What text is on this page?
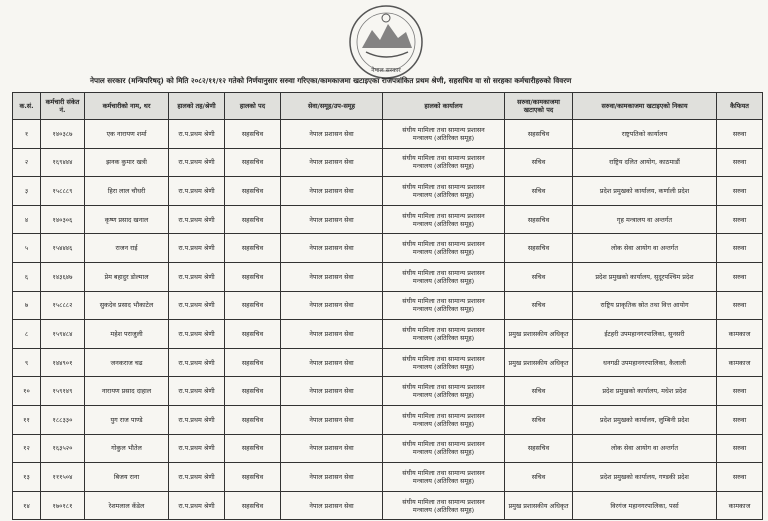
नेपाल सरकार
नेपाल सरकार (मन्त्रिपरिषद्) को मिति २०८२/११/१२ गतेको निर्णयानुसार सरुवा गरिएका/कामकाजमा खटाइएका राजपत्रांकित प्रथम श्रेणी, सहसचिव वा सो सरहका कर्मचारीहरुको विवरण
क.सं.	कर्मचारी संकेत नं.	कर्मचारीको नाम, थर	हालको तह/श्रेणी	हालको पद	सेवा/समूह/उप-समूह	हालको कार्यालय	सरुवा/कामकाजमा खटाएको पद	सरुवा/कामकाजमा खटाइएको निकाय	कैफियत
१	१४०३८७	एक नारायण शर्मा	रा.प.प्रथम श्रेणी	सहसचिव	नेपाल प्रशासन सेवा	संघीय मामिला तथा सामान्य प्रशासन
मन्त्रालय (अतिरिक्त समूह)	सहसचिव	राष्ट्रपतिको कार्यालय	सरुवा
२	१६९४४४	झनक कुमार खत्री	रा.प.प्रथम श्रेणी	सहसचिव	नेपाल प्रशासन सेवा	संघीय मामिला तथा सामान्य प्रशासन
मन्त्रालय (अतिरिक्त समूह)	सचिव	राष्ट्रिय दलित आयोग, काठमाडौं	सरुवा
३	१५८८८९	हिरा लाल चौधरी	रा.प.प्रथम श्रेणी	सहसचिव	नेपाल प्रशासन सेवा	संघीय मामिला तथा सामान्य प्रशासन
मन्त्रालय (अतिरिक्त समूह)	सचिव	प्रदेश प्रमुखको कार्यालय, कर्णाली प्रदेश	सरुवा
४	१४०३०६	कृष्ण प्रसाद खनाल	रा.प.प्रथम श्रेणी	सहसचिव	नेपाल प्रशासन सेवा	संघीय मामिला तथा सामान्य प्रशासन
मन्त्रालय (अतिरिक्त समूह)	सहसचिव	गृह मन्त्रालय वा अन्तर्गत	सरुवा
५	१५४४४६	राजन राई	रा.प.प्रथम श्रेणी	सहसचिव	नेपाल प्रशासन सेवा	संघीय मामिला तथा सामान्य प्रशासन
मन्त्रालय (अतिरिक्त समूह)	सहसचिव	लोक सेवा आयोग वा अन्तर्गत	सरुवा
६	१४३६४७	प्रेम बहादुर डोल्माल	रा.प.प्रथम श्रेणी	सहसचिव	नेपाल प्रशासन सेवा	संघीय मामिला तथा सामान्य प्रशासन
मन्त्रालय (अतिरिक्त समूह)	सचिव	प्रदेश प्रमुखको कार्यालय, सुदूरपश्चिम प्रदेश	सरुवा
७	१५८८८२	सुकदेव प्रसाद भौकाटेल	रा.प.प्रथम श्रेणी	सहसचिव	नेपाल प्रशासन सेवा	संघीय मामिला तथा सामान्य प्रशासन
मन्त्रालय (अतिरिक्त समूह)	सचिव	राष्ट्रिय प्राकृतिक स्रोत तथा वित्त आयोग	सरुवा
८	१५९४८४	महेश पराजुली	रा.प.प्रथम श्रेणी	सहसचिव	नेपाल प्रशासन सेवा	संघीय मामिला तथा सामान्य प्रशासन
मन्त्रालय (अतिरिक्त समूह)	प्रमुख प्रशासकीय अधिकृत	ईटहरी उपमहानगरपालिका, सुनसरी	कामकाज
९	१४४९०१	जनकराज चढ	रा.प.प्रथम श्रेणी	सहसचिव	नेपाल प्रशासन सेवा	संघीय मामिला तथा सामान्य प्रशासन
मन्त्रालय (अतिरिक्त समूह)	प्रमुख प्रशासकीय अधिकृत	धनगढी उपमहानगरपालिका, कैलाली	कामकाज
१०	१५९१४९	नारायण प्रसाद दाहाल	रा.प.प्रथम श्रेणी	सहसचिव	नेपाल प्रशासन सेवा	संघीय मामिला तथा सामान्य प्रशासन
मन्त्रालय (अतिरिक्त समूह)	सचिव	प्रदेश प्रमुखको कार्यालय, मधेश प्रदेश	सरुवा
११	१८८३३०	युग राज पाण्डे	रा.प.प्रथम श्रेणी	सहसचिव	नेपाल प्रशासन सेवा	संघीय मामिला तथा सामान्य प्रशासन
मन्त्रालय (अतिरिक्त समूह)	सचिव	प्रदेश प्रमुखको कार्यालय, लुम्बिनी प्रदेश	सरुवा
१२	१६३५२०	गोकुल भौतेल	रा.प.प्रथम श्रेणी	सहसचिव	नेपाल प्रशासन सेवा	संघीय मामिला तथा सामान्य प्रशासन
मन्त्रालय (अतिरिक्त समूह)	सहसचिव	लोक सेवा आयोग वा अन्तर्गत	सरुवा
१३	१११५०४	बिजय राना	रा.प.प्रथम श्रेणी	सहसचिव	नेपाल प्रशासन सेवा	संघीय मामिला तथा सामान्य प्रशासन
मन्त्रालय (अतिरिक्त समूह)	सचिव	प्रदेश प्रमुखको कार्यालय, गण्डकी प्रदेश	सरुवा
१४	१७०१८१	रेशमलाल कँडेल	रा.प.प्रथम श्रेणी	सहसचिव	नेपाल प्रशासन सेवा	संघीय मामिला तथा सामान्य प्रशासन
मन्त्रालय (अतिरिक्त समूह)	प्रमुख प्रशासकीय अधिकृत	विरगंज महानगरपालिका, पर्सा	कामकाज
